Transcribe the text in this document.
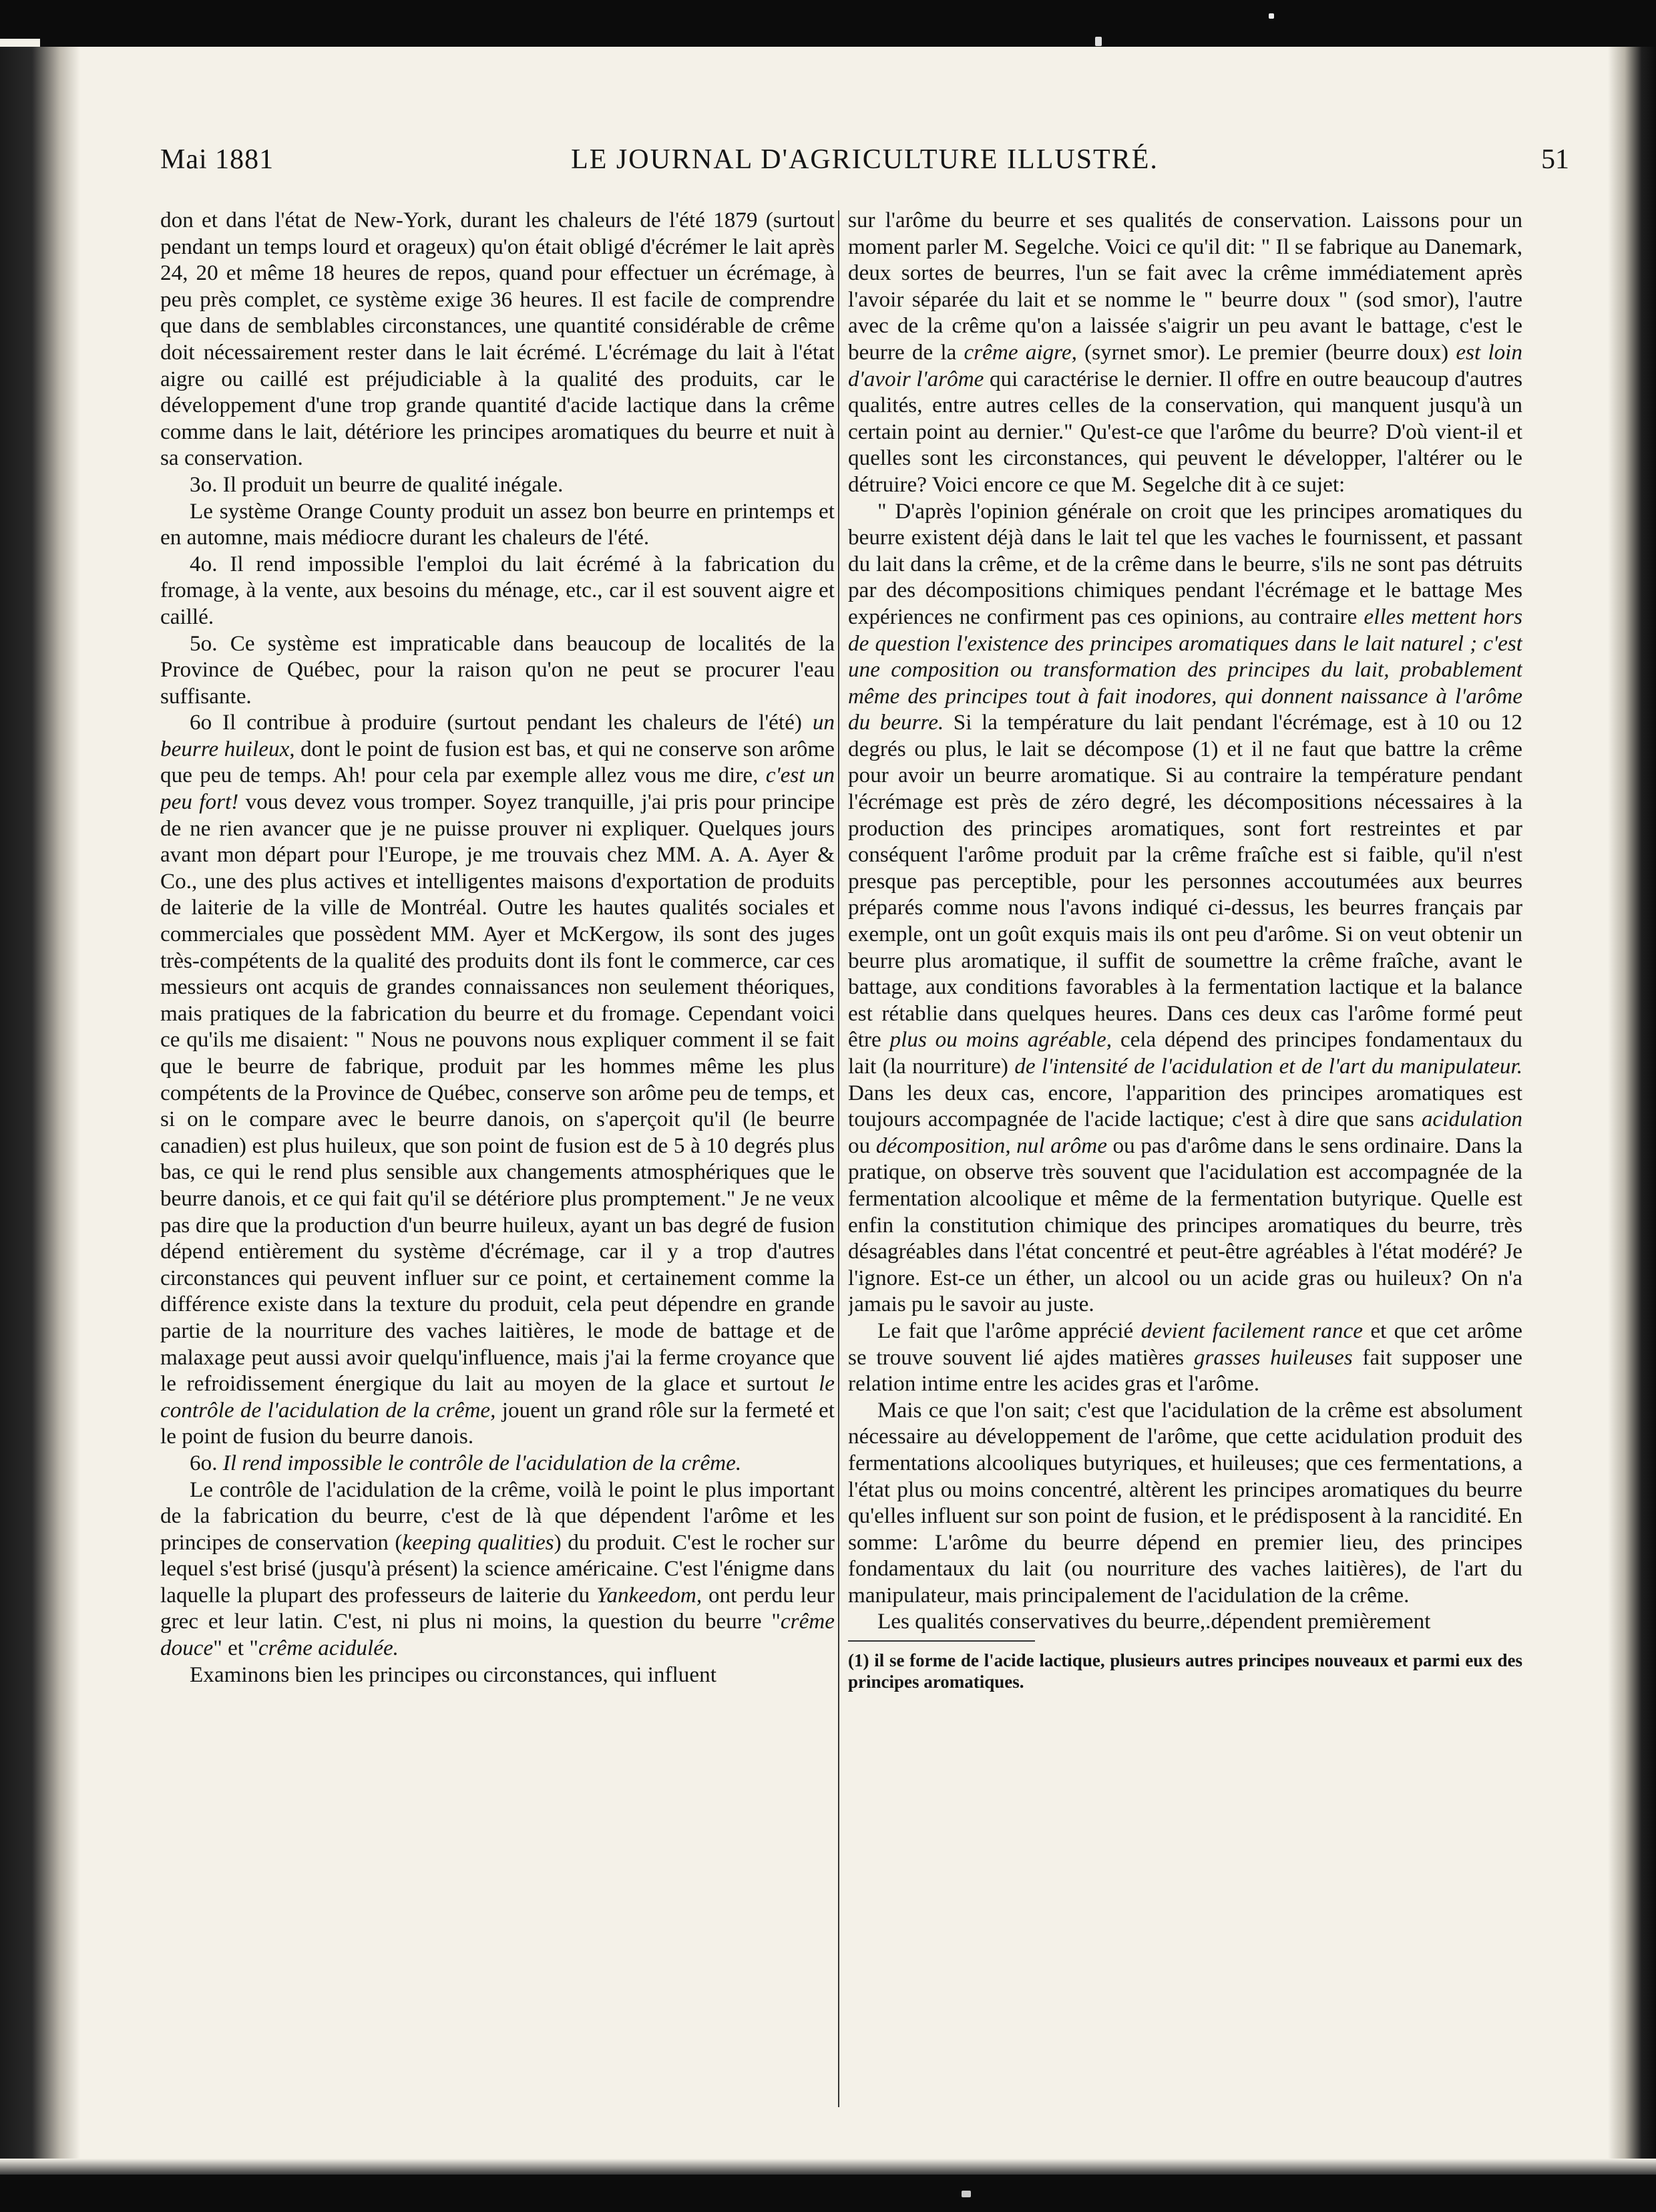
Mai 1881	LE JOURNAL D'AGRICULTURE ILLUSTRÉ.	51

don et dans l'état de New-York, durant les chaleurs de l'été 1879 (surtout pendant un temps lourd et orageux) qu'on était obligé d'écrémer le lait après 24, 20 et même 18 heures de repos, quand pour effectuer un écrémage, à peu près complet, ce système exige 36 heures. Il est facile de comprendre que dans de semblables circonstances, une quantité considérable de crême doit nécessairement rester dans le lait écrémé. L'écrémage du lait à l'état aigre ou caillé est préjudiciable à la qualité des produits, car le développement d'une trop grande quantité d'acide lactique dans la crême comme dans le lait, détériore les principes aromatiques du beurre et nuit à sa conservation.

3o. Il produit un beurre de qualité inégale.

Le système Orange County produit un assez bon beurre en printemps et en automne, mais médiocre durant les chaleurs de l'été.

4o. Il rend impossible l'emploi du lait écrémé à la fabrication du fromage, à la vente, aux besoins du ménage, etc., car il est souvent aigre et caillé.

5o. Ce système est impraticable dans beaucoup de localités de la Province de Québec, pour la raison qu'on ne peut se procurer l'eau suffisante.

6o Il contribue à produire (surtout pendant les chaleurs de l'été) un beurre huileux, dont le point de fusion est bas, et qui ne conserve son arôme que peu de temps. Ah! pour cela par exemple allez vous me dire, c'est un peu fort! vous devez vous tromper. Soyez tranquille, j'ai pris pour principe de ne rien avancer que je ne puisse prouver ni expliquer. Quelques jours avant mon départ pour l'Europe, je me trouvais chez MM. A. A. Ayer & Co., une des plus actives et intelligentes maisons d'exportation de produits de laiterie de la ville de Montréal. Outre les hautes qualités sociales et commerciales que possèdent MM. Ayer et McKergow, ils sont des juges très-compétents de la qualité des produits dont ils font le commerce, car ces messieurs ont acquis de grandes connaissances non seulement théoriques, mais pratiques de la fabrication du beurre et du fromage. Cependant voici ce qu'ils me disaient: " Nous ne pouvons nous expliquer comment il se fait que le beurre de fabrique, produit par les hommes même les plus compétents de la Province de Québec, conserve son arôme peu de temps, et si on le compare avec le beurre danois, on s'aperçoit qu'il (le beurre canadien) est plus huileux, que son point de fusion est de 5 à 10 degrés plus bas, ce qui le rend plus sensible aux changements atmosphériques que le beurre danois, et ce qui fait qu'il se détériore plus promptement." Je ne veux pas dire que la production d'un beurre huileux, ayant un bas degré de fusion dépend entièrement du système d'écrémage, car il y a trop d'autres circonstances qui peuvent influer sur ce point, et certainement comme la différence existe dans la texture du produit, cela peut dépendre en grande partie de la nourriture des vaches laitières, le mode de battage et de malaxage peut aussi avoir quelqu'influence, mais j'ai la ferme croyance que le refroidissement énergique du lait au moyen de la glace et surtout le contrôle de l'acidulation de la crême, jouent un grand rôle sur la fermeté et le point de fusion du beurre danois.

6o. Il rend impossible le contrôle de l'acidulation de la crême.

Le contrôle de l'acidulation de la crême, voilà le point le plus important de la fabrication du beurre, c'est de là que dépendent l'arôme et les principes de conservation (keeping qualities) du produit. C'est le rocher sur lequel s'est brisé (jusqu'à présent) la science américaine. C'est l'énigme dans laquelle la plupart des professeurs de laiterie du Yankeedom, ont perdu leur grec et leur latin. C'est, ni plus ni moins, la question du beurre "crême douce" et "crême acidulée.

Examinons bien les principes ou circonstances, qui influent

sur l'arôme du beurre et ses qualités de conservation. Laissons pour un moment parler M. Segelche. Voici ce qu'il dit: " Il se fabrique au Danemark, deux sortes de beurres, l'un se fait avec la crême immédiatement après l'avoir séparée du lait et se nomme le " beurre doux " (sod smor), l'autre avec de la crême qu'on a laissée s'aigrir un peu avant le battage, c'est le beurre de la crême aigre, (syrnet smor). Le premier (beurre doux) est loin d'avoir l'arôme qui caractérise le dernier. Il offre en outre beaucoup d'autres qualités, entre autres celles de la conservation, qui manquent jusqu'à un certain point au dernier." Qu'est-ce que l'arôme du beurre? D'où vient-il et quelles sont les circonstances, qui peuvent le développer, l'altérer ou le détruire? Voici encore ce que M. Segelche dit à ce sujet:

" D'après l'opinion générale on croit que les principes aromatiques du beurre existent déjà dans le lait tel que les vaches le fournissent, et passant du lait dans la crême, et de la crême dans le beurre, s'ils ne sont pas détruits par des décompositions chimiques pendant l'écrémage et le battage Mes expériences ne confirment pas ces opinions, au contraire elles mettent hors de question l'existence des principes aromatiques dans le lait naturel ; c'est une composition ou transformation des principes du lait, probablement même des principes tout à fait inodores, qui donnent naissance à l'arôme du beurre. Si la température du lait pendant l'écrémage, est à 10 ou 12 degrés ou plus, le lait se décompose (1) et il ne faut que battre la crême pour avoir un beurre aromatique. Si au contraire la température pendant l'écrémage est près de zéro degré, les décompositions nécessaires à la production des principes aromatiques, sont fort restreintes et par conséquent l'arôme produit par la crême fraîche est si faible, qu'il n'est presque pas perceptible, pour les personnes accoutumées aux beurres préparés comme nous l'avons indiqué ci-dessus, les beurres français par exemple, ont un goût exquis mais ils ont peu d'arôme. Si on veut obtenir un beurre plus aromatique, il suffit de soumettre la crême fraîche, avant le battage, aux conditions favorables à la fermentation lactique et la balance est rétablie dans quelques heures. Dans ces deux cas l'arôme formé peut être plus ou moins agréable, cela dépend des principes fondamentaux du lait (la nourriture) de l'intensité de l'acidulation et de l'art du manipulateur. Dans les deux cas, encore, l'apparition des principes aromatiques est toujours accompagnée de l'acide lactique; c'est à dire que sans acidulation ou décomposition, nul arôme ou pas d'arôme dans le sens ordinaire. Dans la pratique, on observe très souvent que l'acidulation est accompagnée de la fermentation alcoolique et même de la fermentation butyrique. Quelle est enfin la constitution chimique des principes aromatiques du beurre, très désagréables dans l'état concentré et peut-être agréables à l'état modéré? Je l'ignore. Est-ce un éther, un alcool ou un acide gras ou huileux? On n'a jamais pu le savoir au juste.

Le fait que l'arôme apprécié devient facilement rance et que cet arôme se trouve souvent lié ajdes matières grasses huileuses fait supposer une relation intime entre les acides gras et l'arôme.

Mais ce que l'on sait; c'est que l'acidulation de la crême est absolument nécessaire au développement de l'arôme, que cette acidulation produit des fermentations alcooliques butyriques, et huileuses; que ces fermentations, a l'état plus ou moins concentré, altèrent les principes aromatiques du beurre qu'elles influent sur son point de fusion, et le prédisposent à la rancidité. En somme: L'arôme du beurre dépend en premier lieu, des principes fondamentaux du lait (ou nourriture des vaches laitières), de l'art du manipulateur, mais principalement de l'acidulation de la crême.

Les qualités conservatives du beurre,.dépendent premièrement

(1) il se forme de l'acide lactique, plusieurs autres principes nouveaux et parmi eux des principes aromatiques.
